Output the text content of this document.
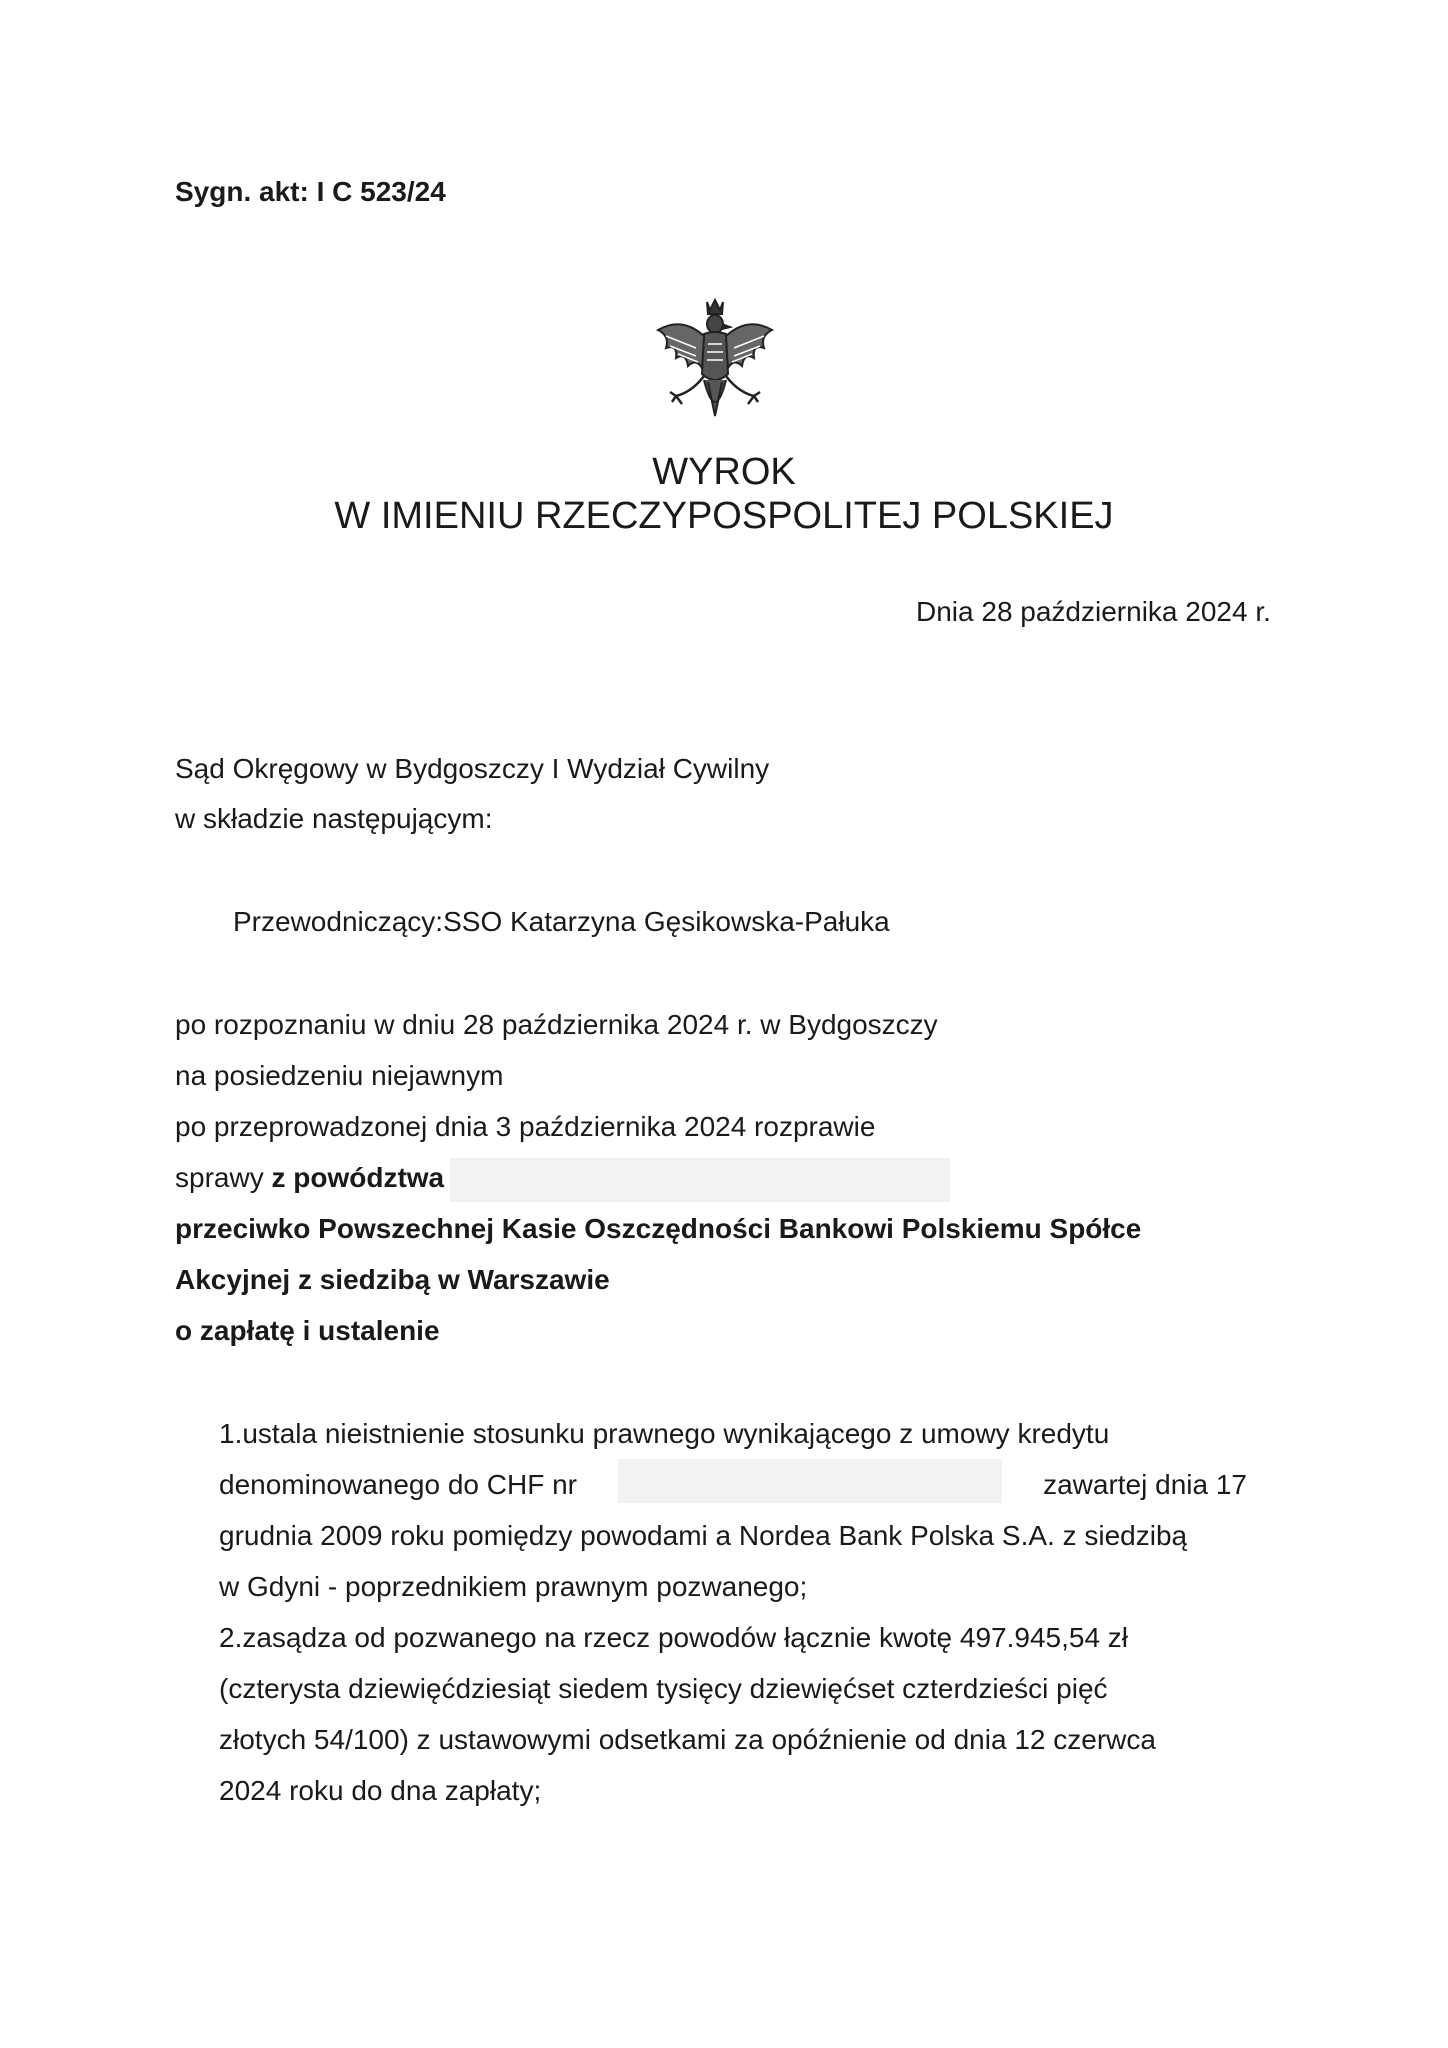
Sygn. akt: I C 523/24
WYROK
W IMIENIU RZECZYPOSPOLITEJ POLSKIEJ
Dnia 28 października 2024 r.
Sąd Okręgowy w Bydgoszczy I Wydział Cywilny
w składzie następującym:
Przewodniczący:SSO Katarzyna Gęsikowska-Pałuka
po rozpoznaniu w dniu 28 października 2024 r. w Bydgoszczy
na posiedzeniu niejawnym
po przeprowadzonej dnia 3 października 2024 rozprawie
sprawy z powództwa
przeciwko Powszechnej Kasie Oszczędności Bankowi Polskiemu Spółce
Akcyjnej z siedzibą w Warszawie
o zapłatę i ustalenie
1.ustala nieistnienie stosunku prawnego wynikającego z umowy kredytu
denominowanego do CHF nr	zawartej dnia 17
grudnia 2009 roku pomiędzy powodami a Nordea Bank Polska S.A. z siedzibą
w Gdyni - poprzednikiem prawnym pozwanego;
2.zasądza od pozwanego na rzecz powodów łącznie kwotę 497.945,54 zł
(czterysta dziewięćdziesiąt siedem tysięcy dziewięćset czterdzieści pięć
złotych 54/100) z ustawowymi odsetkami za opóźnienie od dnia 12 czerwca
2024 roku do dna zapłaty;
